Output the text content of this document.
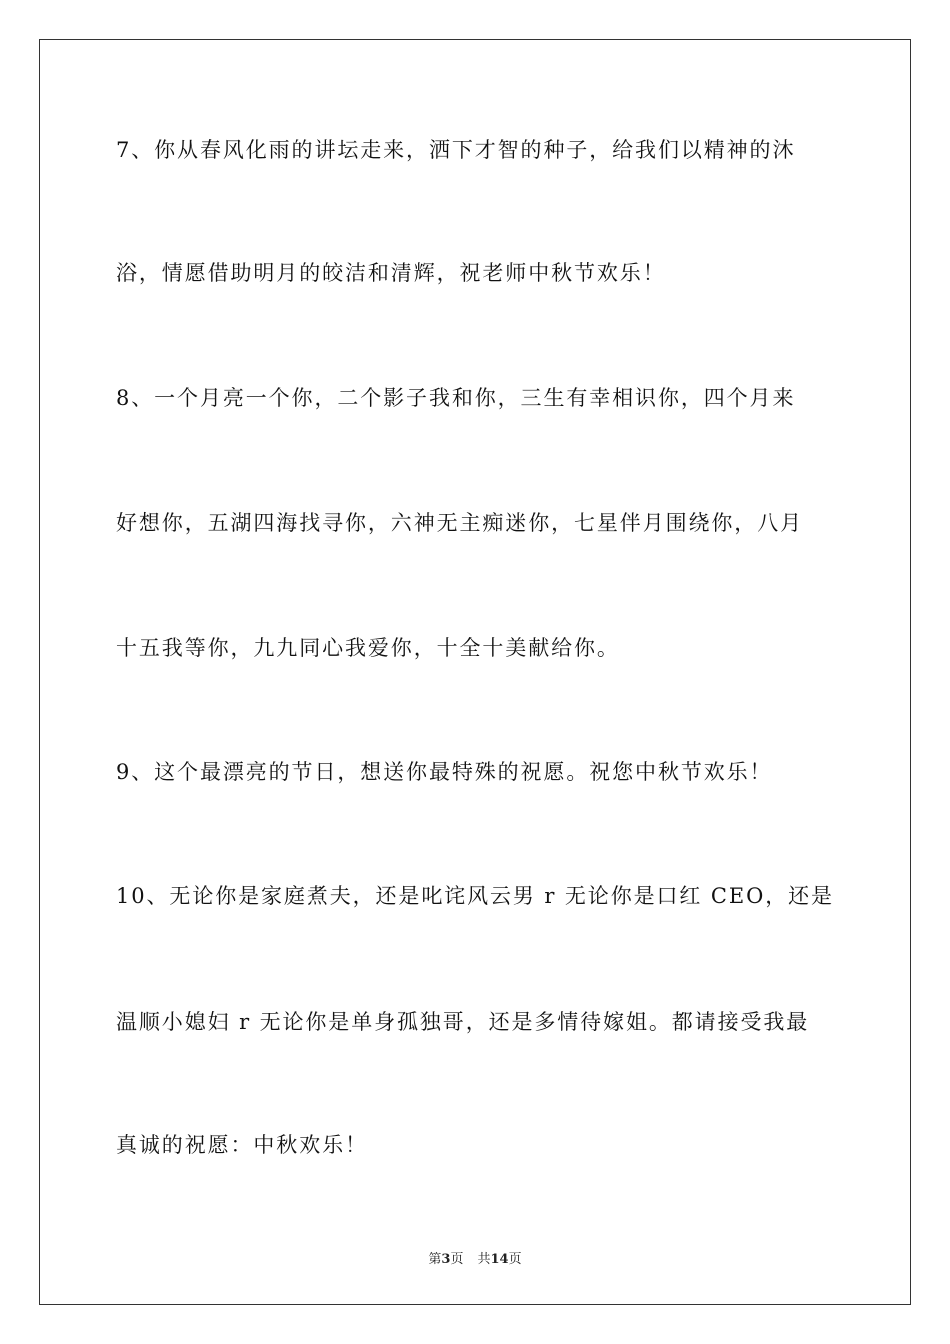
7、你从春风化雨的讲坛走来，洒下才智的种子，给我们以精神的沐
浴，情愿借助明月的皎洁和清辉，祝老师中秋节欢乐！
8、一个月亮一个你，二个影子我和你，三生有幸相识你，四个月来
好想你，五湖四海找寻你，六神无主痴迷你，七星伴月围绕你，八月
十五我等你，九九同心我爱你，十全十美献给你。
9、这个最漂亮的节日，想送你最特殊的祝愿。祝您中秋节欢乐！
10、无论你是家庭煮夫，还是叱诧风云男 r 无论你是口红 CEO，还是
温顺小媳妇 r 无论你是单身孤独哥，还是多情待嫁姐。都请接受我最
真诚的祝愿：中秋欢乐！
第3页 共14页
